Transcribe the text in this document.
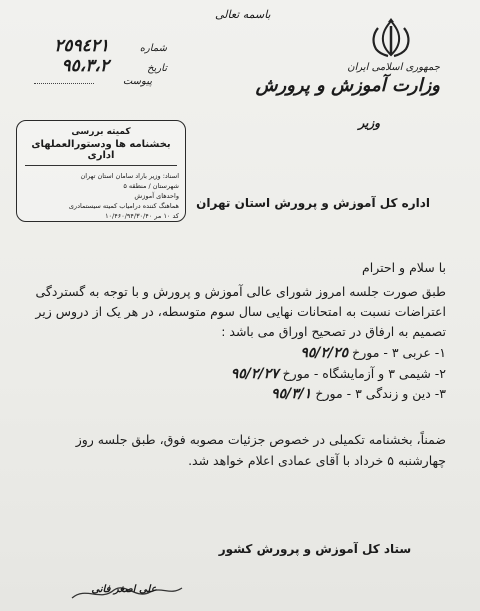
باسمه تعالی
جمهوری اسلامی ایران
وزارت آموزش و پرورش
وزیر
٢٥٩٤٢١	شماره
٩٥،٣،٢	تاریخ
پیوست
کمیته بررسی
بخشنامه ها ودستورالعملهای اداری
اسناد: وزیر باراد سامان استان تهران
شهرستان / منطقه ۵
واحدهای آموزش
هماهنگ کننده درامیاب کمیته سیستمادری
کد ۱۰ مر ۱۰/۴۶۰/۹۴/۳۰/۴۰
اداره کل آموزش و پرورش استان تهران
با سلام و احترام

طبق صورت جلسه امروز شورای عالی آموزش و پرورش و با توجه به گستردگی

اعتراضات نسبت به امتحانات نهایی سال سوم متوسطه، در هر یک از دروس زیر

تصمیم به ارفاق در تصحیح اوراق می باشد :

۱- عربی ۳ - مورخ ٩٥/٢/٢٥
۲- شیمی ۳ و آزمایشگاه - مورخ ٩٥/٢/٢٧
۳- دین و زندگی ۳ - مورخ ٩٥/٣/١

ضمناً، بخشنامه تکمیلی در خصوص جزئیات مصوبه فوق، طبق جلسه روز

چهارشنبه ۵ خرداد با آقای عمادی اعلام خواهد شد.

ستاد کل آموزش و پرورش کشور
علی اصغر فانی
